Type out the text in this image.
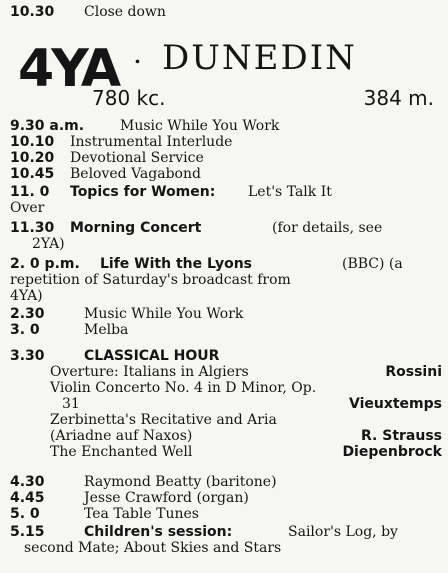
10.30 Close down
4YA . DUNEDIN
780 kc.	384 m.
9.30 a.m.	Music While You Work
10.10 Instrumental Interlude
10.20 Devotional Service
10.45 Beloved Vagabond
11. 0 Topics for Women: Let's Talk It
Over
11.30 Morning Concert	(for details, see
2YA)
2. 0 p.m. Life With the Lyons	(BBC) (a
repetition of Saturday's broadcast from
4YA)
2.30	Music While You Work
3. 0	Melba
3.30	CLASSICAL HOUR
Overture: Italians in Algiers	Rossini
Violin Concerto No. 4 in D Minor, Op.
31	Vieuxtemps
Zerbinetta's Recitative and Aria
(Ariadne auf Naxos)	R. Strauss
The Enchanted Well	Diepenbrock
4.30	Raymond Beatty (baritone)
4.45	Jesse Crawford (organ)
5. 0	Tea Table Tunes
5.15	Children's session:	Sailor's Log, by
second Mate; About Skies and Stars
